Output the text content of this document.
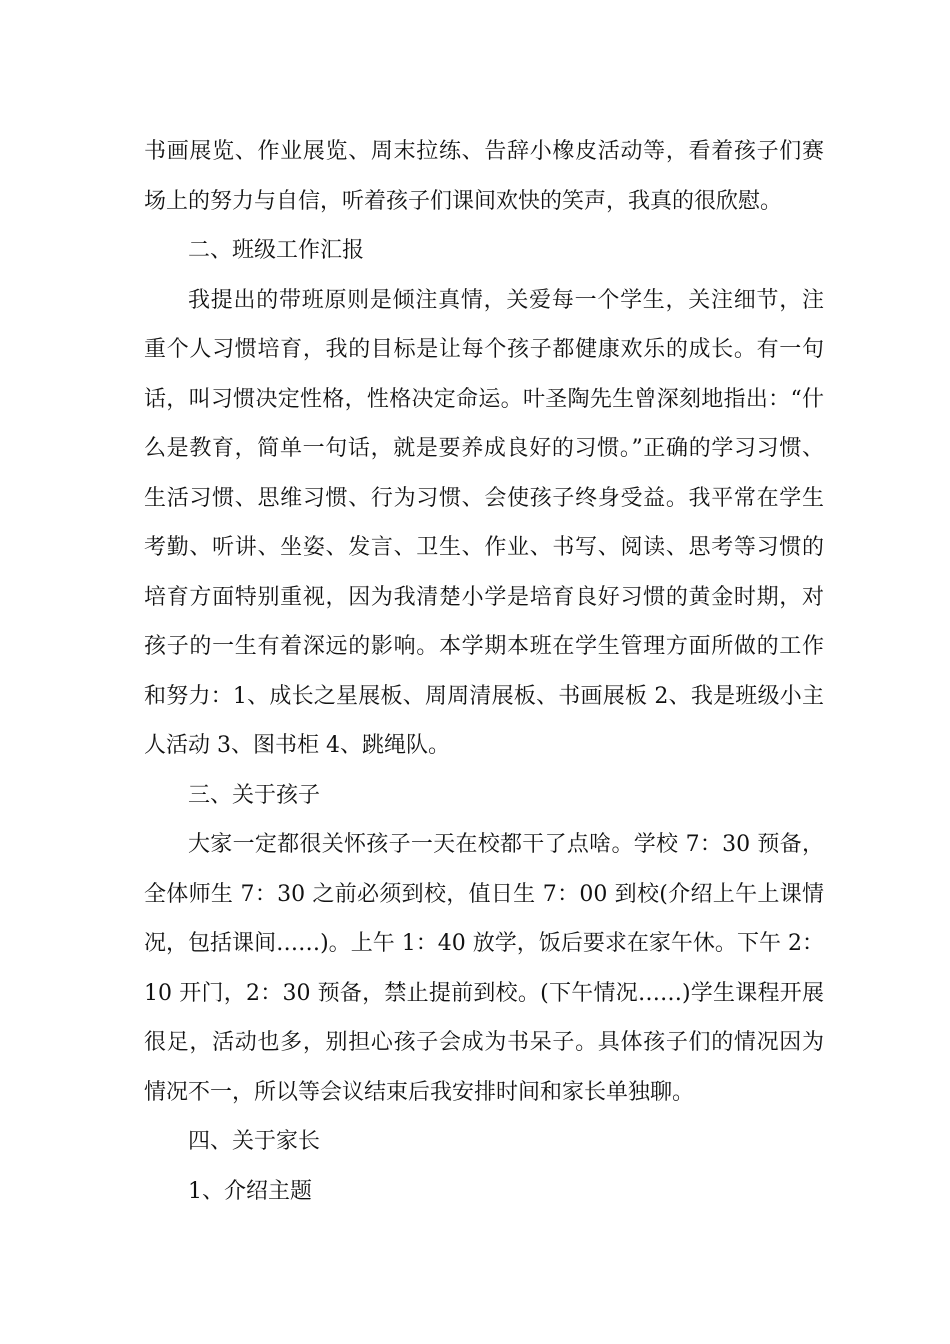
书画展览、作业展览、周末拉练、告辞小橡皮活动等，看着孩子们赛场上的努力与自信，听着孩子们课间欢快的笑声，我真的很欣慰。

二、班级工作汇报

我提出的带班原则是倾注真情，关爱每一个学生，关注细节，注重个人习惯培育，我的目标是让每个孩子都健康欢乐的成长。有一句话，叫习惯决定性格，性格决定命运。叶圣陶先生曾深刻地指出：“什么是教育，简单一句话，就是要养成良好的习惯。”正确的学习习惯、生活习惯、思维习惯、行为习惯、会使孩子终身受益。我平常在学生考勤、听讲、坐姿、发言、卫生、作业、书写、阅读、思考等习惯的培育方面特别重视，因为我清楚小学是培育良好习惯的黄金时期，对孩子的一生有着深远的影响。本学期本班在学生管理方面所做的工作和努力：1、成长之星展板、周周清展板、书画展板 2、我是班级小主人活动 3、图书柜 4、跳绳队。

三、关于孩子

大家一定都很关怀孩子一天在校都干了点啥。学校 7：30 预备，全体师生 7：30 之前必须到校，值日生 7：00 到校(介绍上午上课情况，包括课间……)。上午 1：40 放学，饭后要求在家午休。下午 2：10 开门，2：30 预备，禁止提前到校。(下午情况……)学生课程开展很足，活动也多，别担心孩子会成为书呆子。具体孩子们的情况因为情况不一，所以等会议结束后我安排时间和家长单独聊。

四、关于家长

1、介绍主题
